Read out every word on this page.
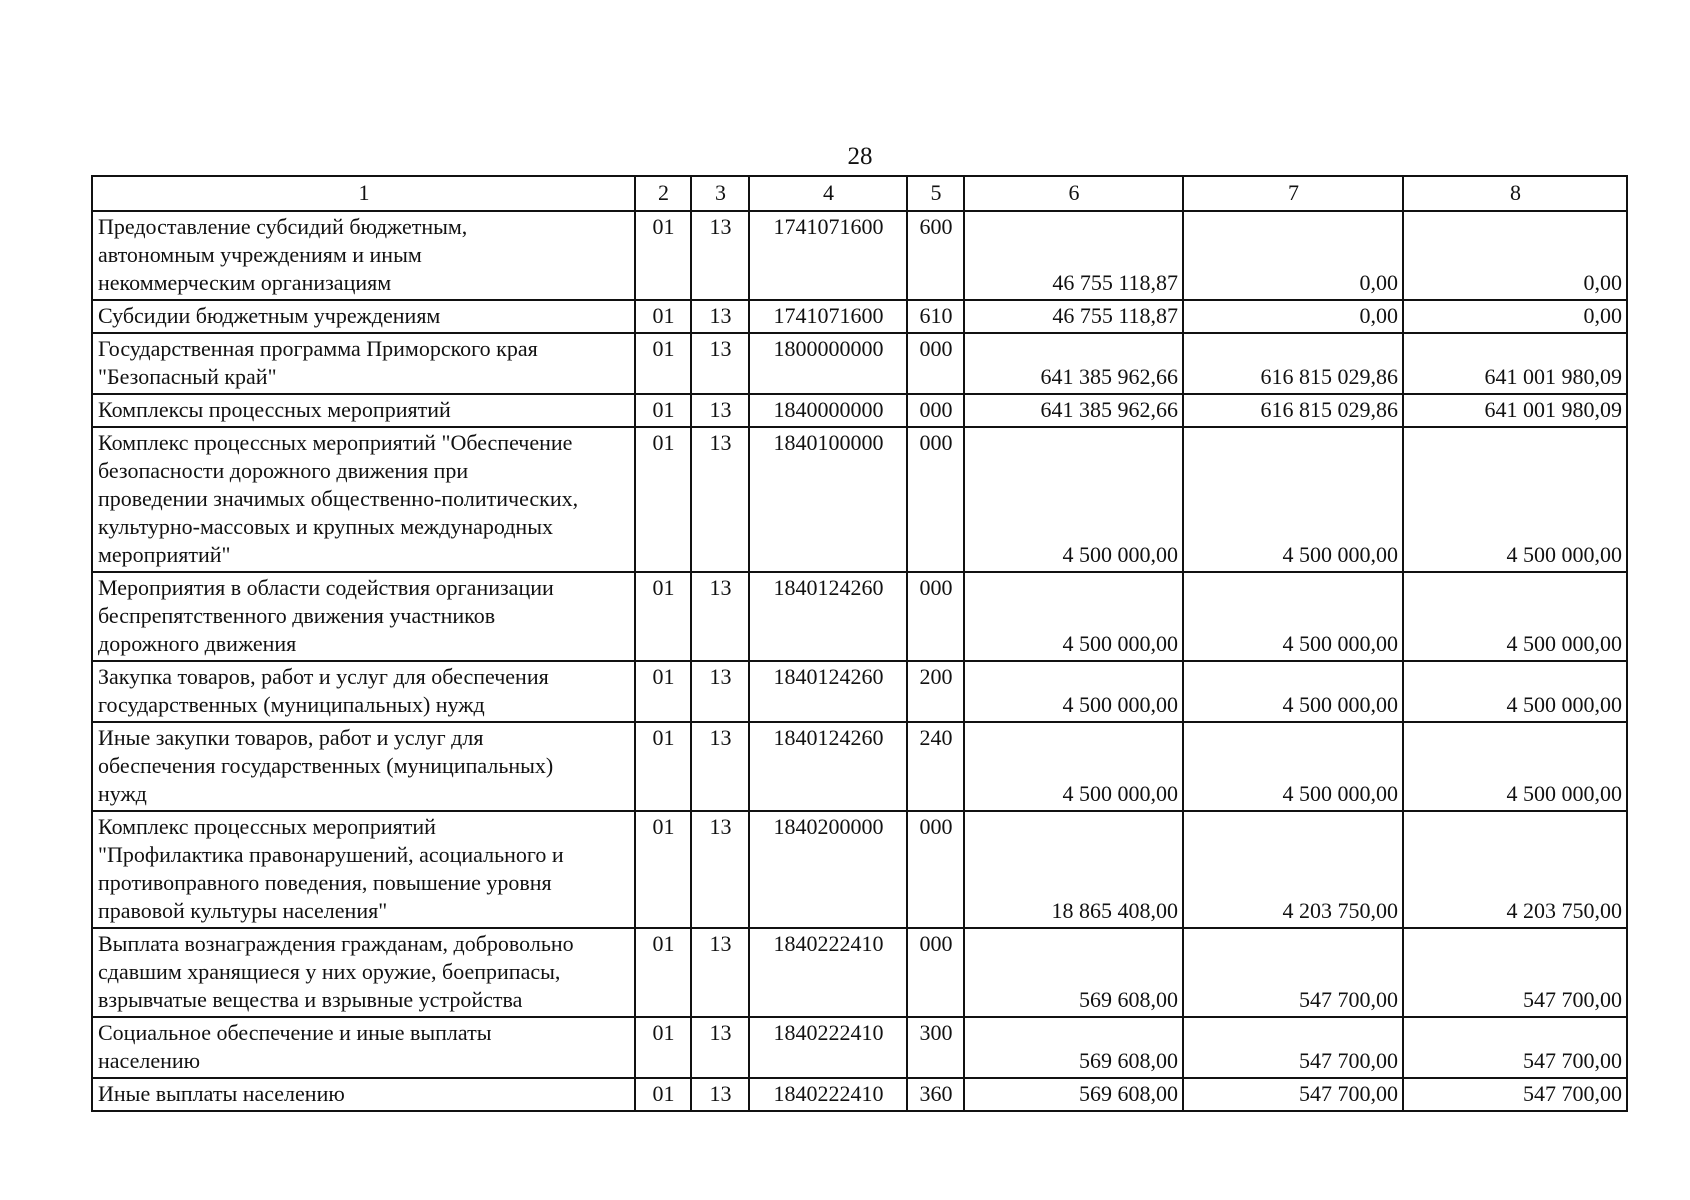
28
1	2	3	4	5	6	7	8
Предоставление субсидий бюджетным,
автономным учреждениям и иным
некоммерческим организациям	01	13	1741071600	600	46 755 118,87	0,00	0,00
Субсидии бюджетным учреждениям	01	13	1741071600	610	46 755 118,87	0,00	0,00
Государственная программа Приморского края
"Безопасный край"	01	13	1800000000	000	641 385 962,66	616 815 029,86	641 001 980,09
Комплексы процессных мероприятий	01	13	1840000000	000	641 385 962,66	616 815 029,86	641 001 980,09
Комплекс процессных мероприятий "Обеспечение
безопасности дорожного движения при
проведении значимых общественно-политических,
культурно-массовых и крупных международных
мероприятий"	01	13	1840100000	000	4 500 000,00	4 500 000,00	4 500 000,00
Мероприятия в области содействия организации
беспрепятственного движения участников
дорожного движения	01	13	1840124260	000	4 500 000,00	4 500 000,00	4 500 000,00
Закупка товаров, работ и услуг для обеспечения
государственных (муниципальных) нужд	01	13	1840124260	200	4 500 000,00	4 500 000,00	4 500 000,00
Иные закупки товаров, работ и услуг для
обеспечения государственных (муниципальных)
нужд	01	13	1840124260	240	4 500 000,00	4 500 000,00	4 500 000,00
Комплекс процессных мероприятий
"Профилактика правонарушений, асоциального и
противоправного поведения, повышение уровня
правовой культуры населения"	01	13	1840200000	000	18 865 408,00	4 203 750,00	4 203 750,00
Выплата вознаграждения гражданам, добровольно
сдавшим хранящиеся у них оружие, боеприпасы,
взрывчатые вещества и взрывные устройства	01	13	1840222410	000	569 608,00	547 700,00	547 700,00
Социальное обеспечение и иные выплаты
населению	01	13	1840222410	300	569 608,00	547 700,00	547 700,00
Иные выплаты населению	01	13	1840222410	360	569 608,00	547 700,00	547 700,00
